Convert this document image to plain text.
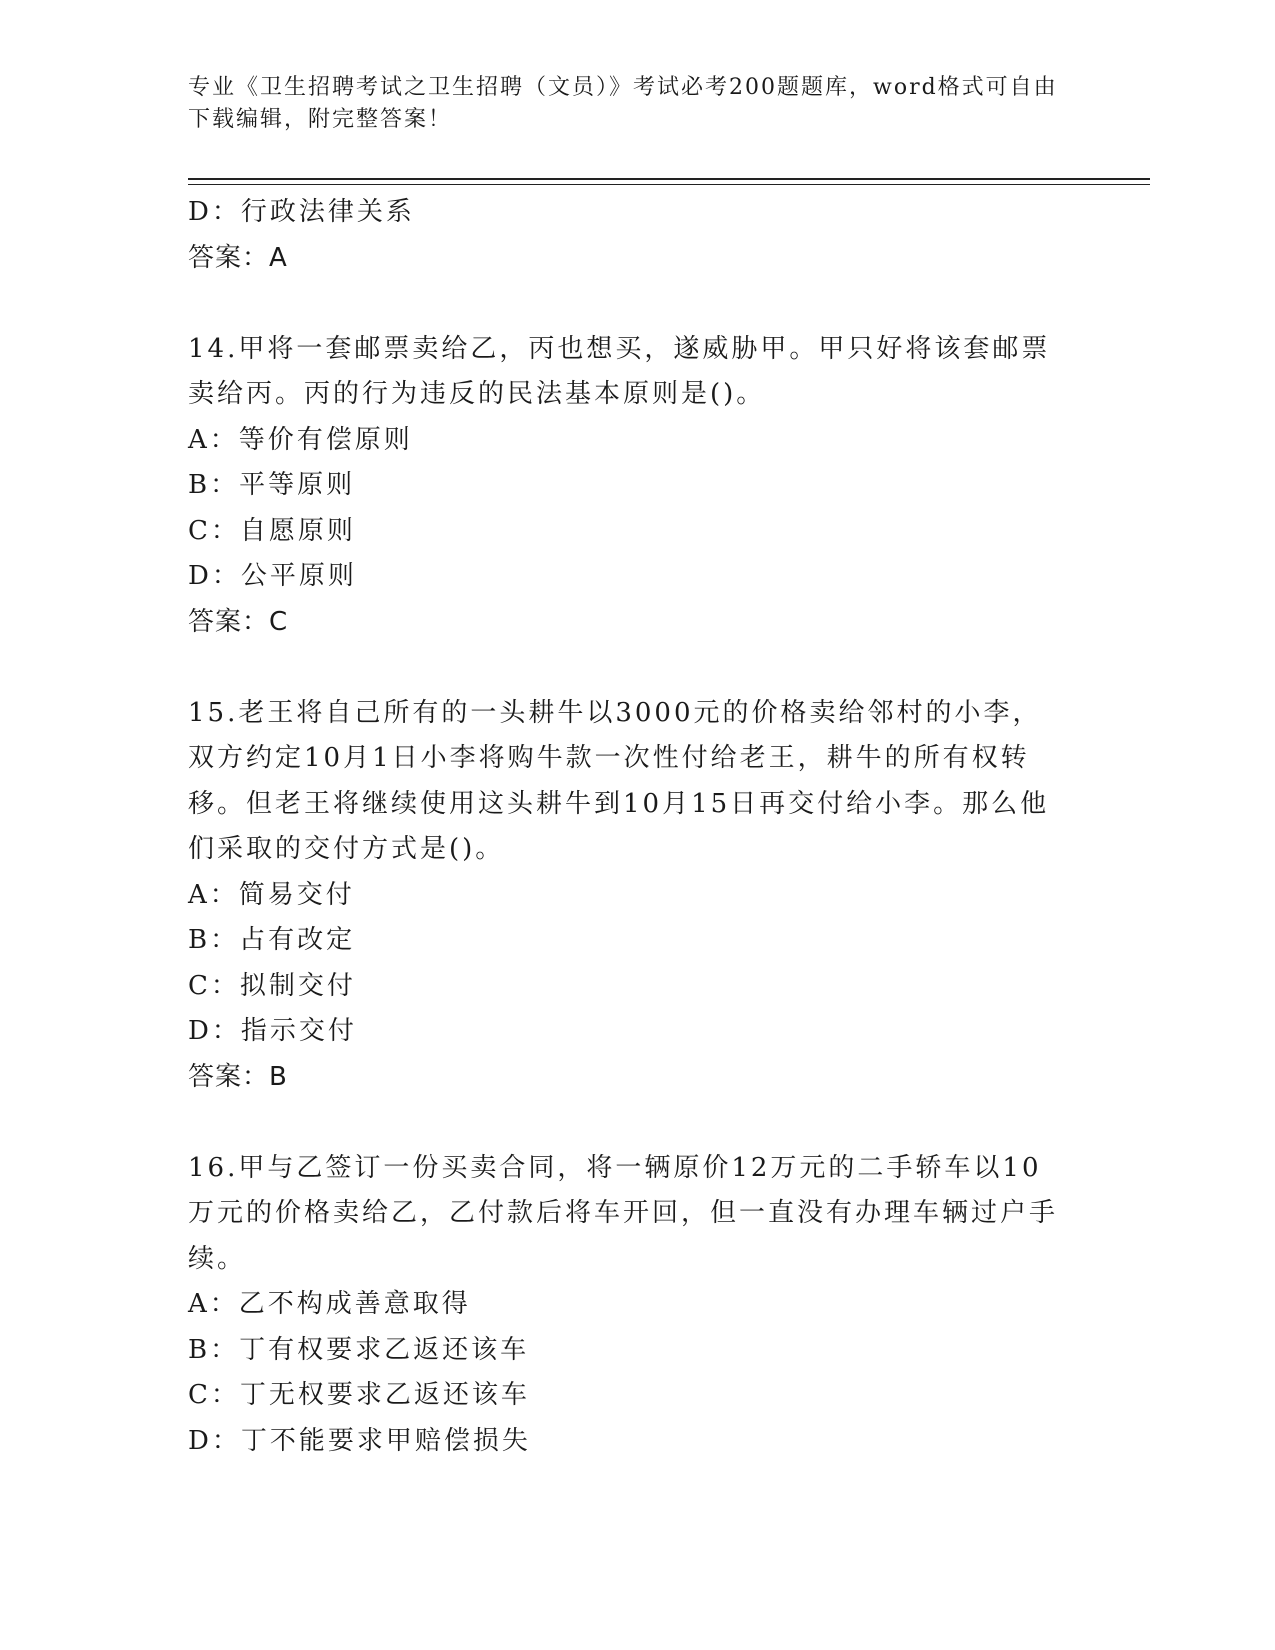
专业《卫生招聘考试之卫生招聘（文员）》考试必考200题题库，word格式可自由下载编辑，附完整答案！

D：行政法律关系

答案：A

14.甲将一套邮票卖给乙，丙也想买，遂威胁甲。甲只好将该套邮票卖给丙。丙的行为违反的民法基本原则是()。

A：等价有偿原则

B：平等原则

C：自愿原则

D：公平原则

答案：C

15.老王将自己所有的一头耕牛以3000元的价格卖给邻村的小李，双方约定10月1日小李将购牛款一次性付给老王，耕牛的所有权转移。但老王将继续使用这头耕牛到10月15日再交付给小李。那么他们采取的交付方式是()。

A：简易交付

B：占有改定

C：拟制交付

D：指示交付

答案：B

16.甲与乙签订一份买卖合同，将一辆原价12万元的二手轿车以10万元的价格卖给乙，乙付款后将车开回，但一直没有办理车辆过户手续。

A：乙不构成善意取得

B：丁有权要求乙返还该车

C：丁无权要求乙返还该车

D：丁不能要求甲赔偿损失
